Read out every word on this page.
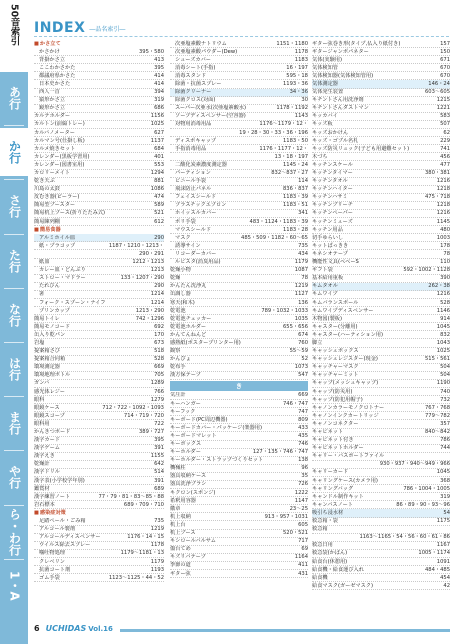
50音索引
あ行
か行
さ行
た行
な行
は行
ま行
や行
ら・わ行
1・A
INDEX ―品名索引―
■ かさ立て
かさかけ	395・580
背掛かさ立	413
ここわかさかた	395
都議府県かさた	414
日本史かさた	414
西人一首	394
猿形かさ立	319
鏡形かさ立	686
カルテホルダー	1156
カルトン(前綴トレー)	1025
カルバノメーター	627
カルマン号(仕掛し板)	1137
カルメ焼きセット	684
カレンダー(黒板学習用)	401
カレンダー(図書室用)	553
カロリーメイト	1294
乾き天ぷ	881
川島の太鼓	1086
皮むき器(ピーラー)	474
簡易型ブースター	589
簡易机上プース(折りたたみ式)	521
簡易陳列棚	612
■ 簡易食器
アルミホイル皿	290
紙・プラコップ	1187・1210・1213・
290・291
紙皿	1212・1213
カレー皿・どんぶり	1213
ストロー・マドラー	133・1207・290
たれびん	290
箸	1214
フォーク・スプーン・ナイフ	1214
プリンカップ	1213・290
簡易トイレ	742・1296
簡易モノコード	692
缶入り乾パン	170
岩塩	673
提案箱さび	518
提案箱合同箱	528
環境測定器	669
環境地理ボトル	705
ガンバ	1289
感光体レジー	766
眼科	1279
眼鏡ケース	712・722・1092・1093
眼鏡スコープ	714・719・720
眼科用	722
かんきつポード	389・727
漢字カード	395
漢字ゲーム	391
漢字えき	1155
乾燥計	642
漢字ドリル	514
漢字表(小学校学年別)	391
鑑賞材	689
漢字練習ノート	77・79・81・83〜85・88
岩石標本	689・709・710
■ 感染症対策
足踏ペール・ごみ箱	735
アルコール製剤	1219
アルコールディスペンサー	1176・14・15
ウイルス除去スプレー	1178
噛吐物処理	1179〜1181・13
クレベリン	1179
抗菌コート剤	1193
ゴム手袋	1123〜1125・44・52
次亜塩素酸ナトリウム	1151・1180
次亜塩素酸パウダー(Dew)	1178
シューズカバー	1183
消毒シート(手指)	16・197
消毒スタンド	595・18
除菌・抗菌スプレー	1193・36
除菌クリーナー	34・36
除菌クロス(対面)	30
スーパー次亜水(次亜塩素酸水)	1178・1192
ソープディスペンサー(空容器)	1143
対物用消毒用品	1176〜1179・12・
19・28・30・33・36・196
ディスポキャップ	1183・50
手指消毒用品	1176・1177・12・
13・18・197
二酸化炭素濃度測定器	1145・24
パーティション	832〜837・27
ビニール手袋	114
飛沫防止パネル	836・837
フェイスシールド	1183・39
プラスチックエプロン	1183・51
ホイッスルカバー	341
ポリ手袋	483・1124・1183・39
マウスシールド	1183・28
マスク	485・509・1182・60〜65
誘導サイン	735
リコーダーカバー	434
ルビスタ(消臭用品)	1179
乾燥小物	1087
乾燥	78
かんたん洗浄丸	1219
缶調し器	1127
寒天(和木)	136
乾電池	789・1032・1033
乾電池チェッカー	1035
乾電池ホルダー	655・656
かんてんねんど	674
感熱紙(ポスタープリンター用)	760
観察	55〜59
かんぴょ	52
乾布手	1073
漢方保テープ	547
き
気圧計	669
キーハンガー	746・747
キーフック	747
キーボード(PC周辺機器)	809
キーボードカバー・パッケージ(楽器用)	433
キーボードマレット	435
キーボックス	746
キーホルダー	127・135・746・747
キーホルダー・ストラップづくりセット	138
機械柱	96
器具収納ケース	35
器具洗浄ブラシ	726
キクロン(スポンジ)	1222
希釈用容器	1147
徽章	23〜25
机上収納	913・957・1031
机上台	605
机上ブース	520・521
キシロールバルサム	717
傷台てめ	69
キズリバテープ	1164
季節の道	411
ギター弦	431
ギター弦巻き形(タイプ,仏入り紙付き)	157
ギタージャンボパネター	150
気体(実験用)	671
気体検知管	670
気体検知器(気体検知管用)	670
気体測定器	146・24
気体発生装置	603〜605
キチントさん用洗浄剤	1215
キチントさんダストマン	1221
キッカバイ	583
キッズ板	507
キッズおかけん	62
キッズ・ゴブル名札	229
キッズ防災リュック(子ども用避難セット)	741
木づち	456
キッチンスケール	477
キッチンタイマー	380・381
キッチンタオル	1216
キッチンハイター	1218
キッチンハサミ	475・718
キッチンブリーチ	1218
キッチンペーパー	1216
キッチンミューズ	1145
キッチン用品	480
切手ゆらいし	1003
キットぱっきき	178
キネシオテープ	78
機能性文具(べべーS	110
ギフト袋	592・1002・1128
基本給用重板	390
キムタオル	262・38
キムワイプ	1216
キムバランスボール	528
キムワイプディスペンサー	1146
木物図(製板)	914
キャスター(分離用)	1045
キャスター(ハーティション用)	832
脚立	1043
キャッシュボックス	1025
キャッシュレジスター(現金)	515・561
キャッチャーマスク	504
キャッチャーミット	504
キャップ(メッシュキャップ)	1190
キャップ(防災用)	740
キャップ(防犯用帽子)	732
キャノンカラーモノクロトナー	767・768
キャノンインクカートリッジ	779〜782
キャノンコネクター	357
キャビネット	840〜842
キャビネット付き	786
キャビネットホルダー	744
キャリー・バスポートファイル
930・937・940〜949・966
キャリーカード	1045
キャリングケース(カメラ用)	368
キャリングバッグ	786・1004・1005
キャンドル制作キット	319
キャンバスノート	86・89・90・93〜96
吸引ち浸水材	54
救急箱・袋	1175
救急箱
1163〜1165・54・56・60・61・86
救急日用	1167
救急袋(かばん)	1005・1174
給食台(休憩用)	1091
給食機・給食運び入れ	484・485
給食機	454
給食マスク(ガーゼマスク)	42
6 UCHIDAS Vol.16
